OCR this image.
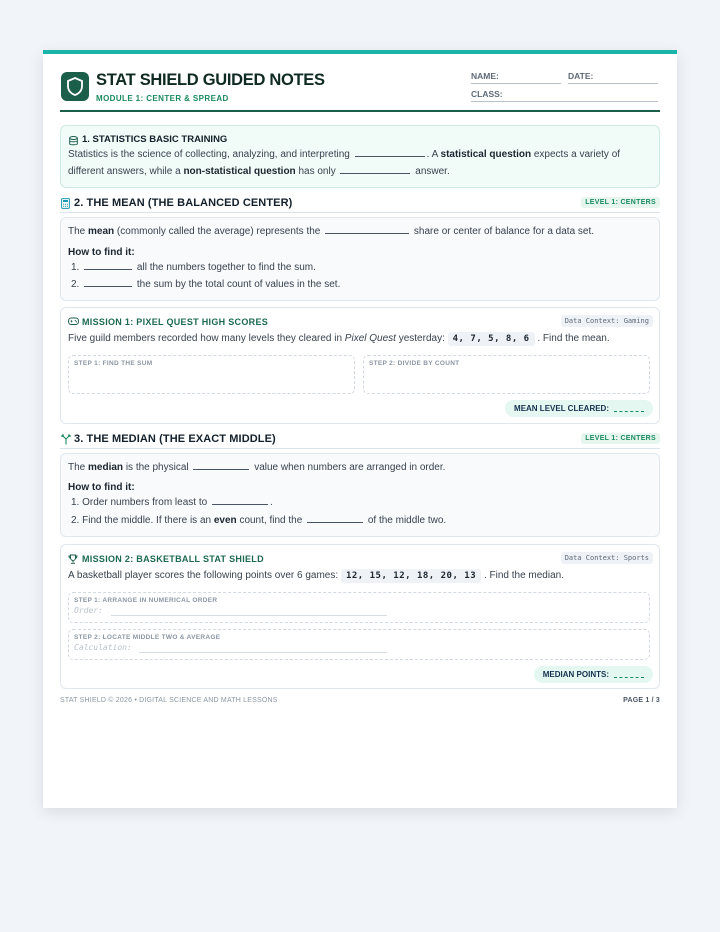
STAT SHIELD GUIDED NOTES
MODULE 1: CENTER & SPREAD
NAME:	DATE:
CLASS:
1. STATISTICS BASIC TRAINING
Statistics is the science of collecting, analyzing, and interpreting	. A statistical question expects a variety of
different answers, while a non-statistical question has only	answer.
2. THE MEAN (THE BALANCED CENTER)	LEVEL 1: CENTERS
The mean (commonly called the average) represents the	share or center of balance for a data set.
How to find it:
1.	all the numbers together to find the sum.
2.	the sum by the total count of values in the set.
MISSION 1: PIXEL QUEST HIGH SCORES	Data Context: Gaming
Five guild members recorded how many levels they cleared in Pixel Quest yesterday: 4, 7, 5, 8, 6 . Find the mean.
STEP 1: FIND THE SUM	STEP 2: DIVIDE BY COUNT
MEAN LEVEL CLEARED:
3. THE MEDIAN (THE EXACT MIDDLE)	LEVEL 1: CENTERS
The median is the physical	value when numbers are arranged in order.
How to find it:
1. Order numbers from least to	.
2. Find the middle. If there is an even count, find the	of the middle two.
MISSION 2: BASKETBALL STAT SHIELD	Data Context: Sports
A basketball player scores the following points over 6 games: 12, 15, 12, 18, 20, 13 . Find the median.
STEP 1: ARRANGE IN NUMERICAL ORDER
Order:
STEP 2: LOCATE MIDDLE TWO & AVERAGE
Calculation:
MEDIAN POINTS:
STAT SHIELD © 2026 • DIGITAL SCIENCE AND MATH LESSONS	PAGE 1 / 3
